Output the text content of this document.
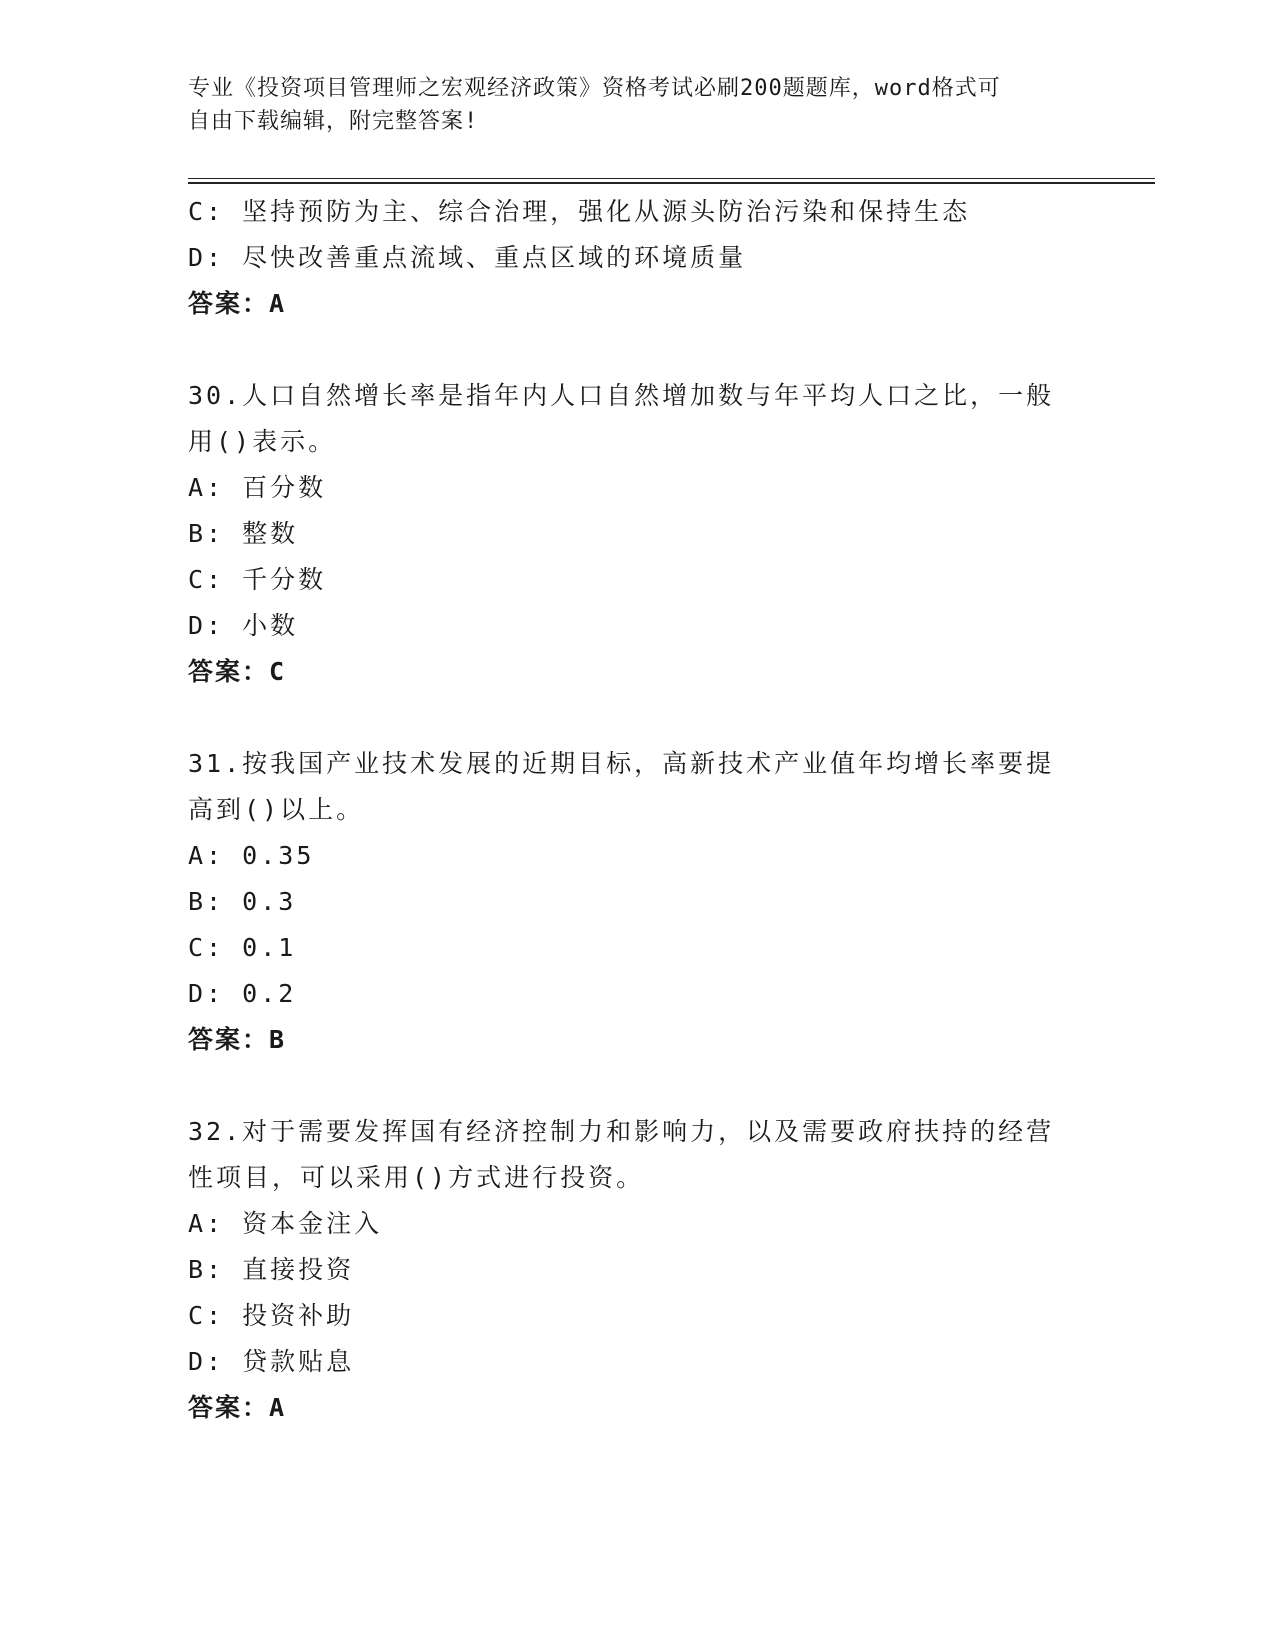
专业《投资项目管理师之宏观经济政策》资格考试必刷200题题库，word格式可
自由下载编辑，附完整答案!
C: 坚持预防为主、综合治理，强化从源头防治污染和保持生态
D: 尽快改善重点流域、重点区域的环境质量
答案：A
30.人口自然增长率是指年内人口自然增加数与年平均人口之比，一般
用()表示。
A: 百分数
B: 整数
C: 千分数
D: 小数
答案：C
31.按我国产业技术发展的近期目标，高新技术产业值年均增长率要提
高到()以上。
A: 0.35
B: 0.3
C: 0.1
D: 0.2
答案：B
32.对于需要发挥国有经济控制力和影响力，以及需要政府扶持的经营
性项目，可以采用()方式进行投资。
A: 资本金注入
B: 直接投资
C: 投资补助
D: 贷款贴息
答案：A
